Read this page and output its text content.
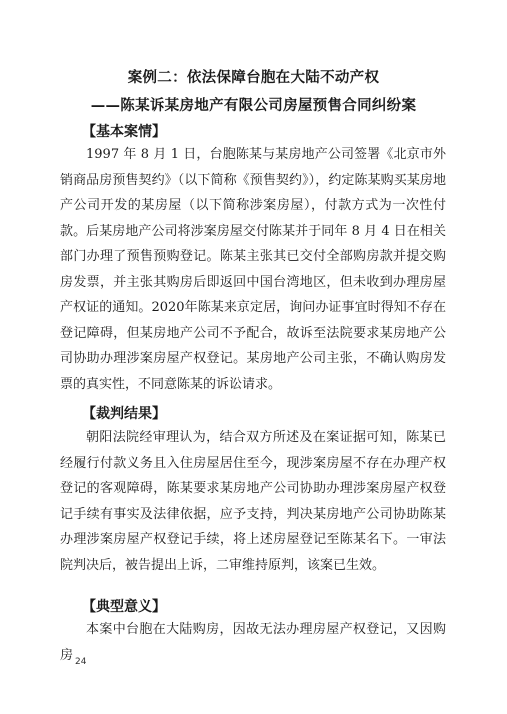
案例二：依法保障台胞在大陆不动产权
——陈某诉某房地产有限公司房屋预售合同纠纷案
【基本案情】

1997 年 8 月 1 日，台胞陈某与某房地产公司签署《北京市外销商品房预售契约》（以下简称《预售契约》），约定陈某购买某房地产公司开发的某房屋（以下简称涉案房屋），付款方式为一次性付款。后某房地产公司将涉案房屋交付陈某并于同年 8 月 4 日在相关部门办理了预售预购登记。陈某主张其已交付全部购房款并提交购房发票，并主张其购房后即返回中国台湾地区，但未收到办理房屋产权证的通知。2020年陈某来京定居，询问办证事宜时得知不存在登记障碍，但某房地产公司不予配合，故诉至法院要求某房地产公司协助办理涉案房屋产权登记。某房地产公司主张，不确认购房发票的真实性，不同意陈某的诉讼请求。

【裁判结果】

朝阳法院经审理认为，结合双方所述及在案证据可知，陈某已经履行付款义务且入住房屋居住至今，现涉案房屋不存在办理产权登记的客观障碍，陈某要求某房地产公司协助办理涉案房屋产权登记手续有事实及法律依据，应予支持，判决某房地产公司协助陈某办理涉案房屋产权登记手续，将上述房屋登记至陈某名下。一审法院判决后，被告提出上诉，二审维持原判，该案已生效。

【典型意义】

本案中台胞在大陆购房，因故无法办理房屋产权登记，又因购房 24
